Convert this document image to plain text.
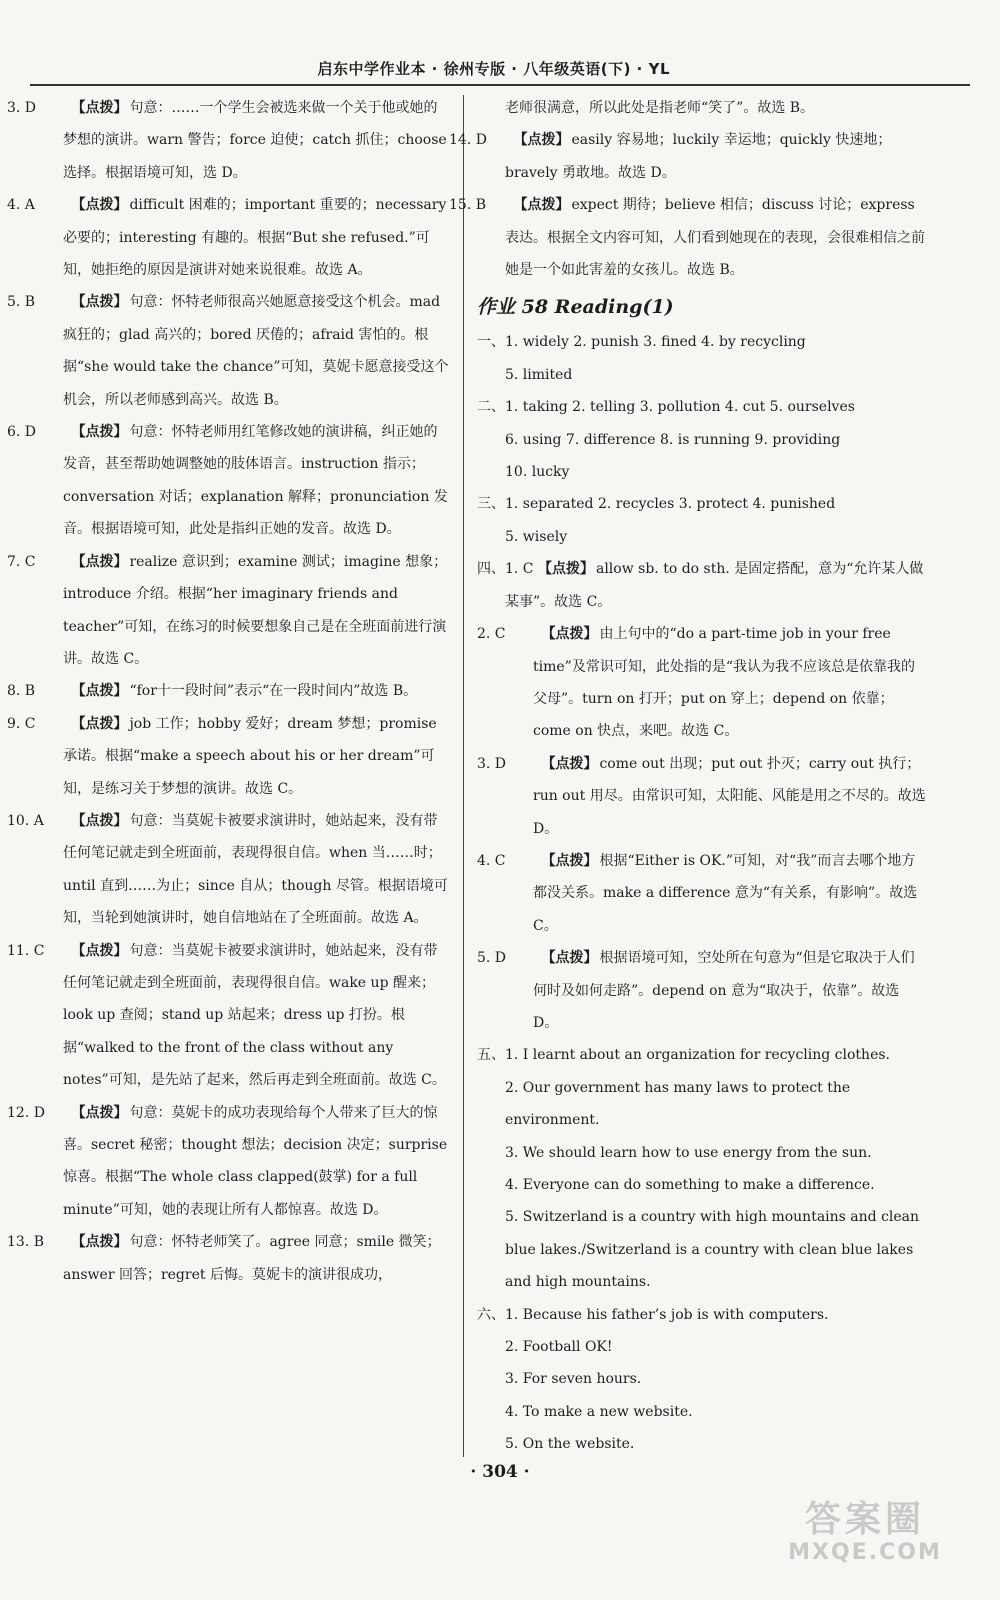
启东中学作业本 · 徐州专版 · 八年级英语(下) · YL

3. D	【点拨】 句意：……一个学生会被选来做一个关于他或她的梦想的演讲。warn 警告；force 迫使；catch 抓住；choose 选择。根据语境可知，选 D。

4. A	【点拨】 difficult 困难的；important 重要的；necessary 必要的；interesting 有趣的。根据“But she refused.”可知，她拒绝的原因是演讲对她来说很难。故选 A。

5. B	【点拨】 句意：怀特老师很高兴她愿意接受这个机会。mad 疯狂的；glad 高兴的；bored 厌倦的；afraid 害怕的。根据“she would take the chance”可知，莫妮卡愿意接受这个机会，所以老师感到高兴。故选 B。

6. D	【点拨】 句意：怀特老师用红笔修改她的演讲稿，纠正她的发音，甚至帮助她调整她的肢体语言。instruction 指示；conversation 对话；explanation 解释；pronunciation 发音。根据语境可知，此处是指纠正她的发音。故选 D。

7. C	【点拨】 realize 意识到；examine 测试；imagine 想象；introduce 介绍。根据“her imaginary friends and teacher”可知，在练习的时候要想象自己是在全班面前进行演讲。故选 C。

8. B	【点拨】 “for十一段时间”表示“在一段时间内”故选 B。

9. C	【点拨】 job 工作；hobby 爱好；dream 梦想；promise 承诺。根据“make a speech about his or her dream”可知，是练习关于梦想的演讲。故选 C。

10. A 【点拨】 句意：当莫妮卡被要求演讲时，她站起来，没有带任何笔记就走到全班面前，表现得很自信。when 当……时；until 直到……为止；since 自从；though 尽管。根据语境可知，当轮到她演讲时，她自信地站在了全班面前。故选 A。

11. C 【点拨】 句意：当莫妮卡被要求演讲时，她站起来，没有带任何笔记就走到全班面前，表现得很自信。wake up 醒来；look up 查阅；stand up 站起来；dress up 打扮。根据“walked to the front of the class without any notes”可知，是先站了起来，然后再走到全班面前。故选 C。

12. D 【点拨】 句意：莫妮卡的成功表现给每个人带来了巨大的惊喜。secret 秘密；thought 想法；decision 决定；surprise 惊喜。根据“The whole class clapped(鼓掌) for a full minute”可知，她的表现让所有人都惊喜。故选 D。

13. B 【点拨】 句意：怀特老师笑了。agree 同意；smile 微笑；answer 回答；regret 后悔。莫妮卡的演讲很成功，

老师很满意，所以此处是指老师“笑了”。故选 B。

14. D 【点拨】 easily 容易地；luckily 幸运地；quickly 快速地；bravely 勇敢地。故选 D。

15. B 【点拨】 expect 期待；believe 相信；discuss 讨论；express 表达。根据全文内容可知，人们看到她现在的表现，会很难相信之前她是一个如此害羞的女孩儿。故选 B。

作业 58 Reading(1)

一、1. widely 2. punish 3. fined 4. by recycling

5. limited

二、1. taking 2. telling 3. pollution 4. cut 5. ourselves

6. using 7. difference 8. is running 9. providing

10. lucky

三、1. separated 2. recycles 3. protect 4. punished

5. wisely

四、1. C 【点拨】 allow sb. to do sth. 是固定搭配，意为“允许某人做某事”。故选 C。

2. C	【点拨】 由上句中的“do a part-time job in your free time”及常识可知，此处指的是“我认为我不应该总是依靠我的父母”。turn on 打开；put on 穿上；depend on 依靠；come on 快点，来吧。故选 C。

3. D	【点拨】 come out 出现；put out 扑灭；carry out 执行；run out 用尽。由常识可知，太阳能、风能是用之不尽的。故选 D。

4. C	【点拨】 根据“Either is OK.”可知，对“我”而言去哪个地方都没关系。make a difference 意为“有关系，有影响”。故选 C。

5. D	【点拨】 根据语境可知，空处所在句意为“但是它取决于人们何时及如何走路”。depend on 意为“取决于，依靠”。故选 D。

五、1. I learnt about an organization for recycling clothes.

2. Our government has many laws to protect the environment.

3. We should learn how to use energy from the sun.

4. Everyone can do something to make a difference.

5. Switzerland is a country with high mountains and clean blue lakes./Switzerland is a country with clean blue lakes and high mountains.

六、1. Because his father’s job is with computers.

2. Football OK!

3. For seven hours.

4. To make a new website.

5. On the website.

· 304 ·
答案圈
MXQE.COM
